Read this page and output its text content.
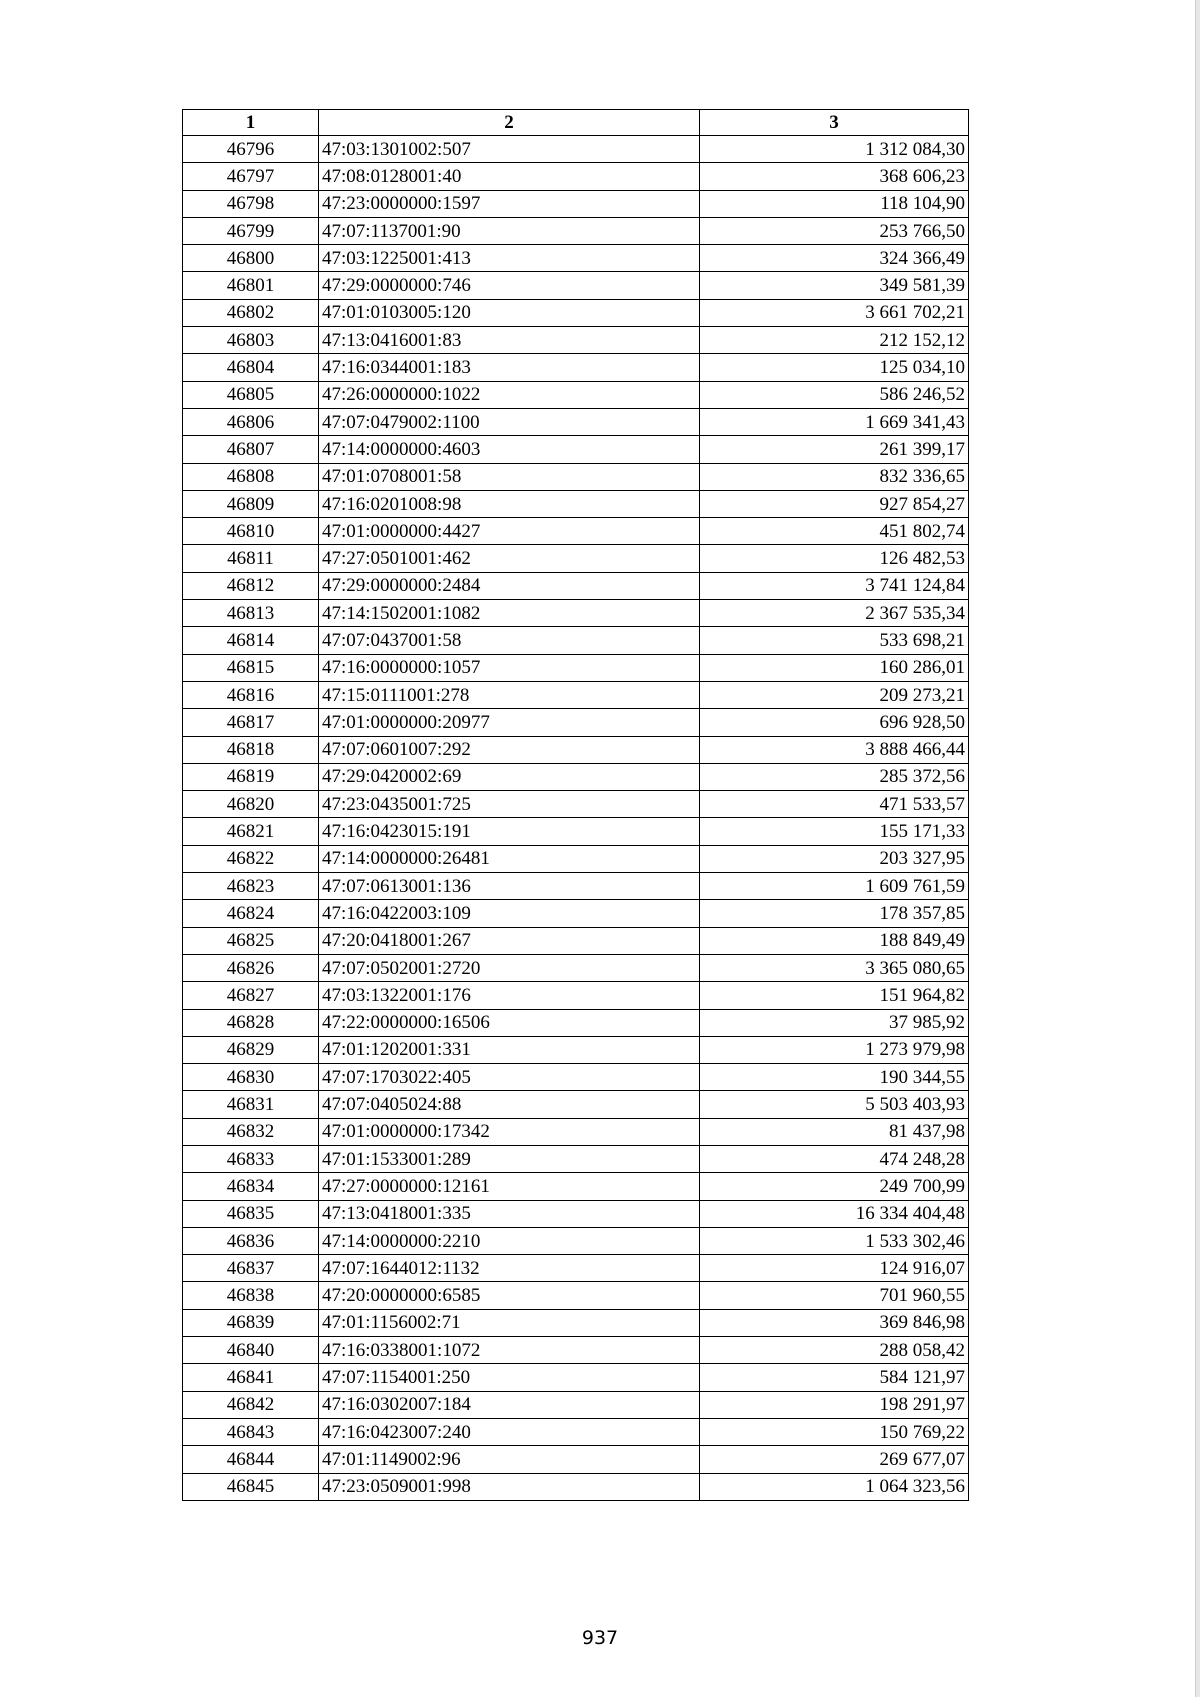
1	2	3
46796	47:03:1301002:507	1 312 084,30
46797	47:08:0128001:40	368 606,23
46798	47:23:0000000:1597	118 104,90
46799	47:07:1137001:90	253 766,50
46800	47:03:1225001:413	324 366,49
46801	47:29:0000000:746	349 581,39
46802	47:01:0103005:120	3 661 702,21
46803	47:13:0416001:83	212 152,12
46804	47:16:0344001:183	125 034,10
46805	47:26:0000000:1022	586 246,52
46806	47:07:0479002:1100	1 669 341,43
46807	47:14:0000000:4603	261 399,17
46808	47:01:0708001:58	832 336,65
46809	47:16:0201008:98	927 854,27
46810	47:01:0000000:4427	451 802,74
46811	47:27:0501001:462	126 482,53
46812	47:29:0000000:2484	3 741 124,84
46813	47:14:1502001:1082	2 367 535,34
46814	47:07:0437001:58	533 698,21
46815	47:16:0000000:1057	160 286,01
46816	47:15:0111001:278	209 273,21
46817	47:01:0000000:20977	696 928,50
46818	47:07:0601007:292	3 888 466,44
46819	47:29:0420002:69	285 372,56
46820	47:23:0435001:725	471 533,57
46821	47:16:0423015:191	155 171,33
46822	47:14:0000000:26481	203 327,95
46823	47:07:0613001:136	1 609 761,59
46824	47:16:0422003:109	178 357,85
46825	47:20:0418001:267	188 849,49
46826	47:07:0502001:2720	3 365 080,65
46827	47:03:1322001:176	151 964,82
46828	47:22:0000000:16506	37 985,92
46829	47:01:1202001:331	1 273 979,98
46830	47:07:1703022:405	190 344,55
46831	47:07:0405024:88	5 503 403,93
46832	47:01:0000000:17342	81 437,98
46833	47:01:1533001:289	474 248,28
46834	47:27:0000000:12161	249 700,99
46835	47:13:0418001:335	16 334 404,48
46836	47:14:0000000:2210	1 533 302,46
46837	47:07:1644012:1132	124 916,07
46838	47:20:0000000:6585	701 960,55
46839	47:01:1156002:71	369 846,98
46840	47:16:0338001:1072	288 058,42
46841	47:07:1154001:250	584 121,97
46842	47:16:0302007:184	198 291,97
46843	47:16:0423007:240	150 769,22
46844	47:01:1149002:96	269 677,07
46845	47:23:0509001:998	1 064 323,56
937
